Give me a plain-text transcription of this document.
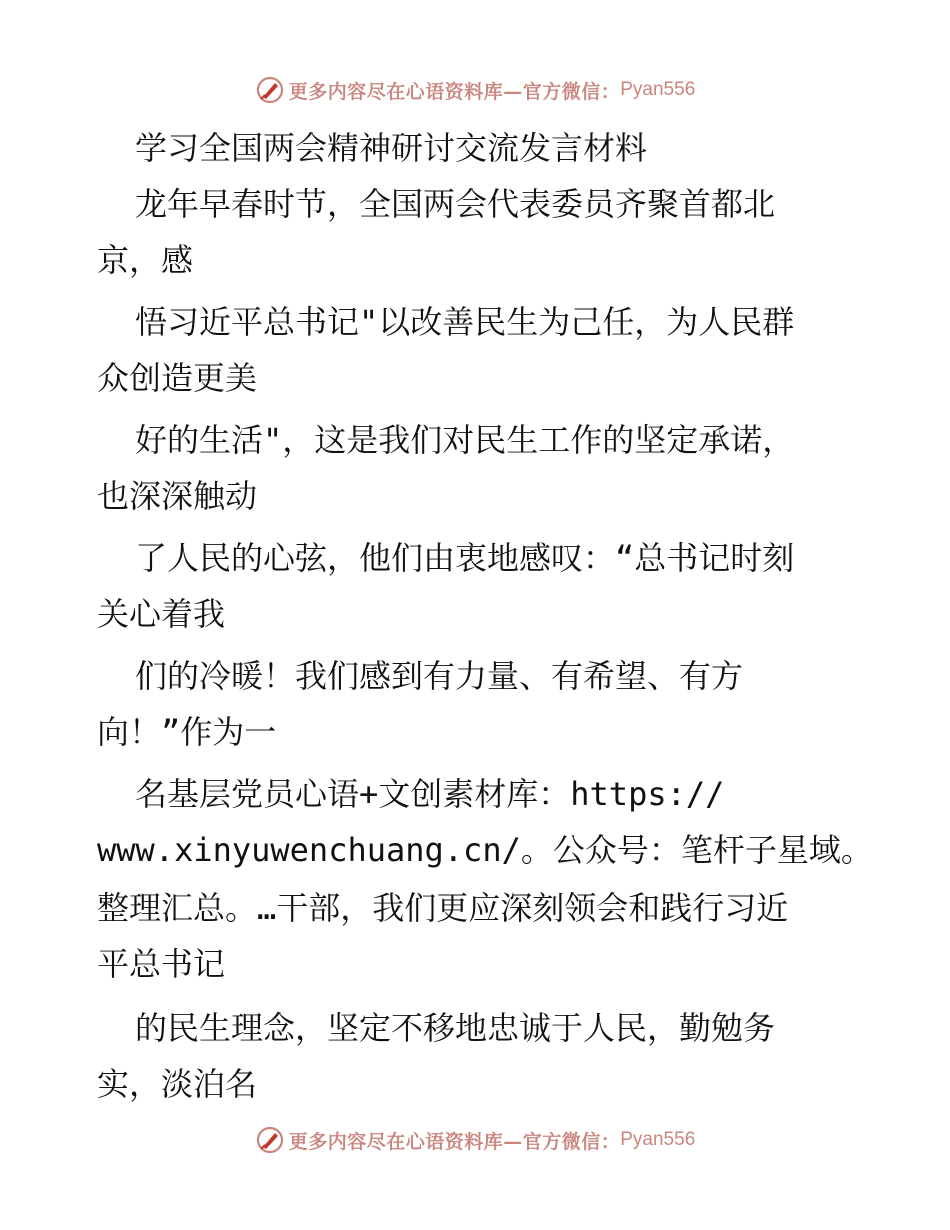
更多内容尽在心语资料库—官方微信： Pyan556
学习全国两会精神研讨交流发言材料
龙年早春时节，全国两会代表委员齐聚首都北
京，感
悟习近平总书记"以改善民生为己任，为人民群
众创造更美
好的生活"，这是我们对民生工作的坚定承诺，
也深深触动
了人民的心弦，他们由衷地感叹：“总书记时刻
关心着我
们的冷暖！我们感到有力量、有希望、有方
向！”作为一
名基层党员心语+文创素材库：https://
www.xinyuwenchuang.cn/。公众号：笔杆子星域。
整理汇总。…干部，我们更应深刻领会和践行习近
平总书记
的民生理念，坚定不移地忠诚于人民，勤勉务
实，淡泊名
更多内容尽在心语资料库—官方微信： Pyan556
